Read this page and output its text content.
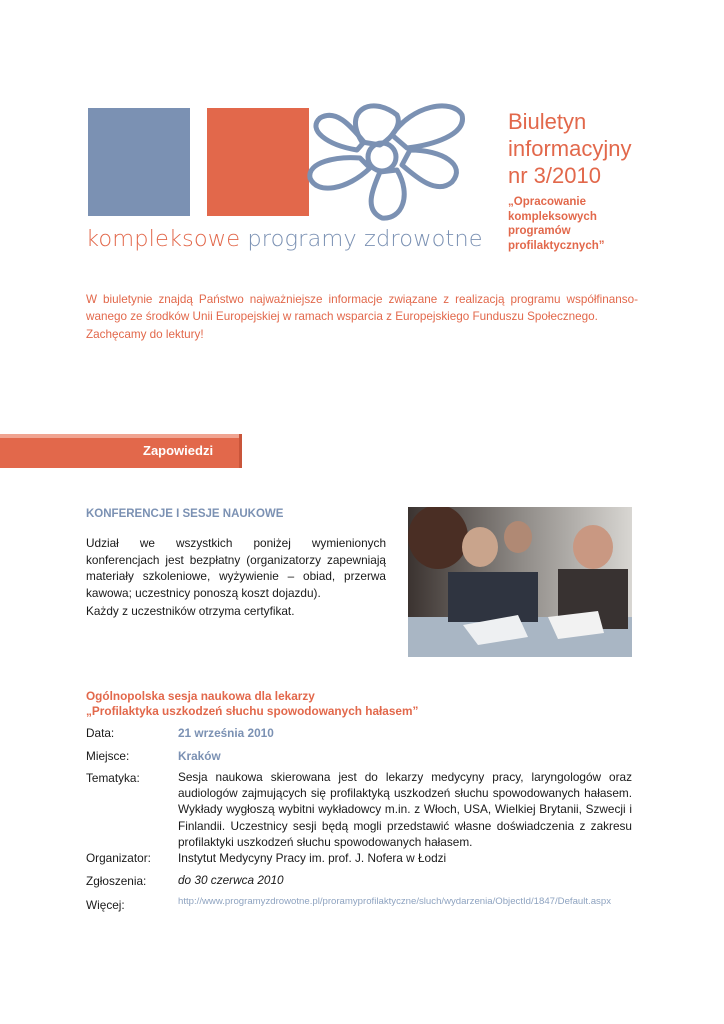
kompleksowe programy zdrowotne
Biuletyn
informacyjny
nr 3/2010
„Opracowanie
kompleksowych
programów
profilaktycznych”
W biuletynie znajdą Państwo najważniejsze informacje związane z realizacją programu współfinanso-wanego ze środków Unii Europejskiej w ramach wsparcia z Europejskiego Funduszu Społecznego.
Zachęcamy do lektury!
Zapowiedzi
KONFERENCJE I SESJE NAUKOWE
Udział we wszystkich poniżej wymienionych konferencjach jest bezpłatny (organizatorzy zapewniają materiały szkoleniowe, wyżywienie – obiad, przerwa kawowa; uczestnicy ponoszą koszt dojazdu).
Każdy z uczestników otrzyma certyfikat.
Ogólnopolska sesja naukowa dla lekarzy
„Profilaktyka uszkodzeń słuchu spowodowanych hałasem”
Data:	21 września 2010
Miejsce:	Kraków
Tematyka:	Sesja naukowa skierowana jest do lekarzy medycyny pracy, laryngologów oraz audiologów zajmujących się profilaktyką uszkodzeń słuchu spowodowanych hałasem. Wykłady wygłoszą wybitni wykładowcy m.in. z Włoch, USA, Wielkiej Brytanii, Szwecji i Finlandii. Uczestnicy sesji będą mogli przedstawić własne doświadczenia z zakresu profilaktyki uszkodzeń słuchu spowodowanych hałasem.
Organizator: Instytut Medycyny Pracy im. prof. J. Nofera w Łodzi
Zgłoszenia:	do 30 czerwca 2010
Więcej:	http://www.programyzdrowotne.pl/proramyprofilaktyczne/sluch/wydarzenia/ObjectId/1847/Default.aspx
